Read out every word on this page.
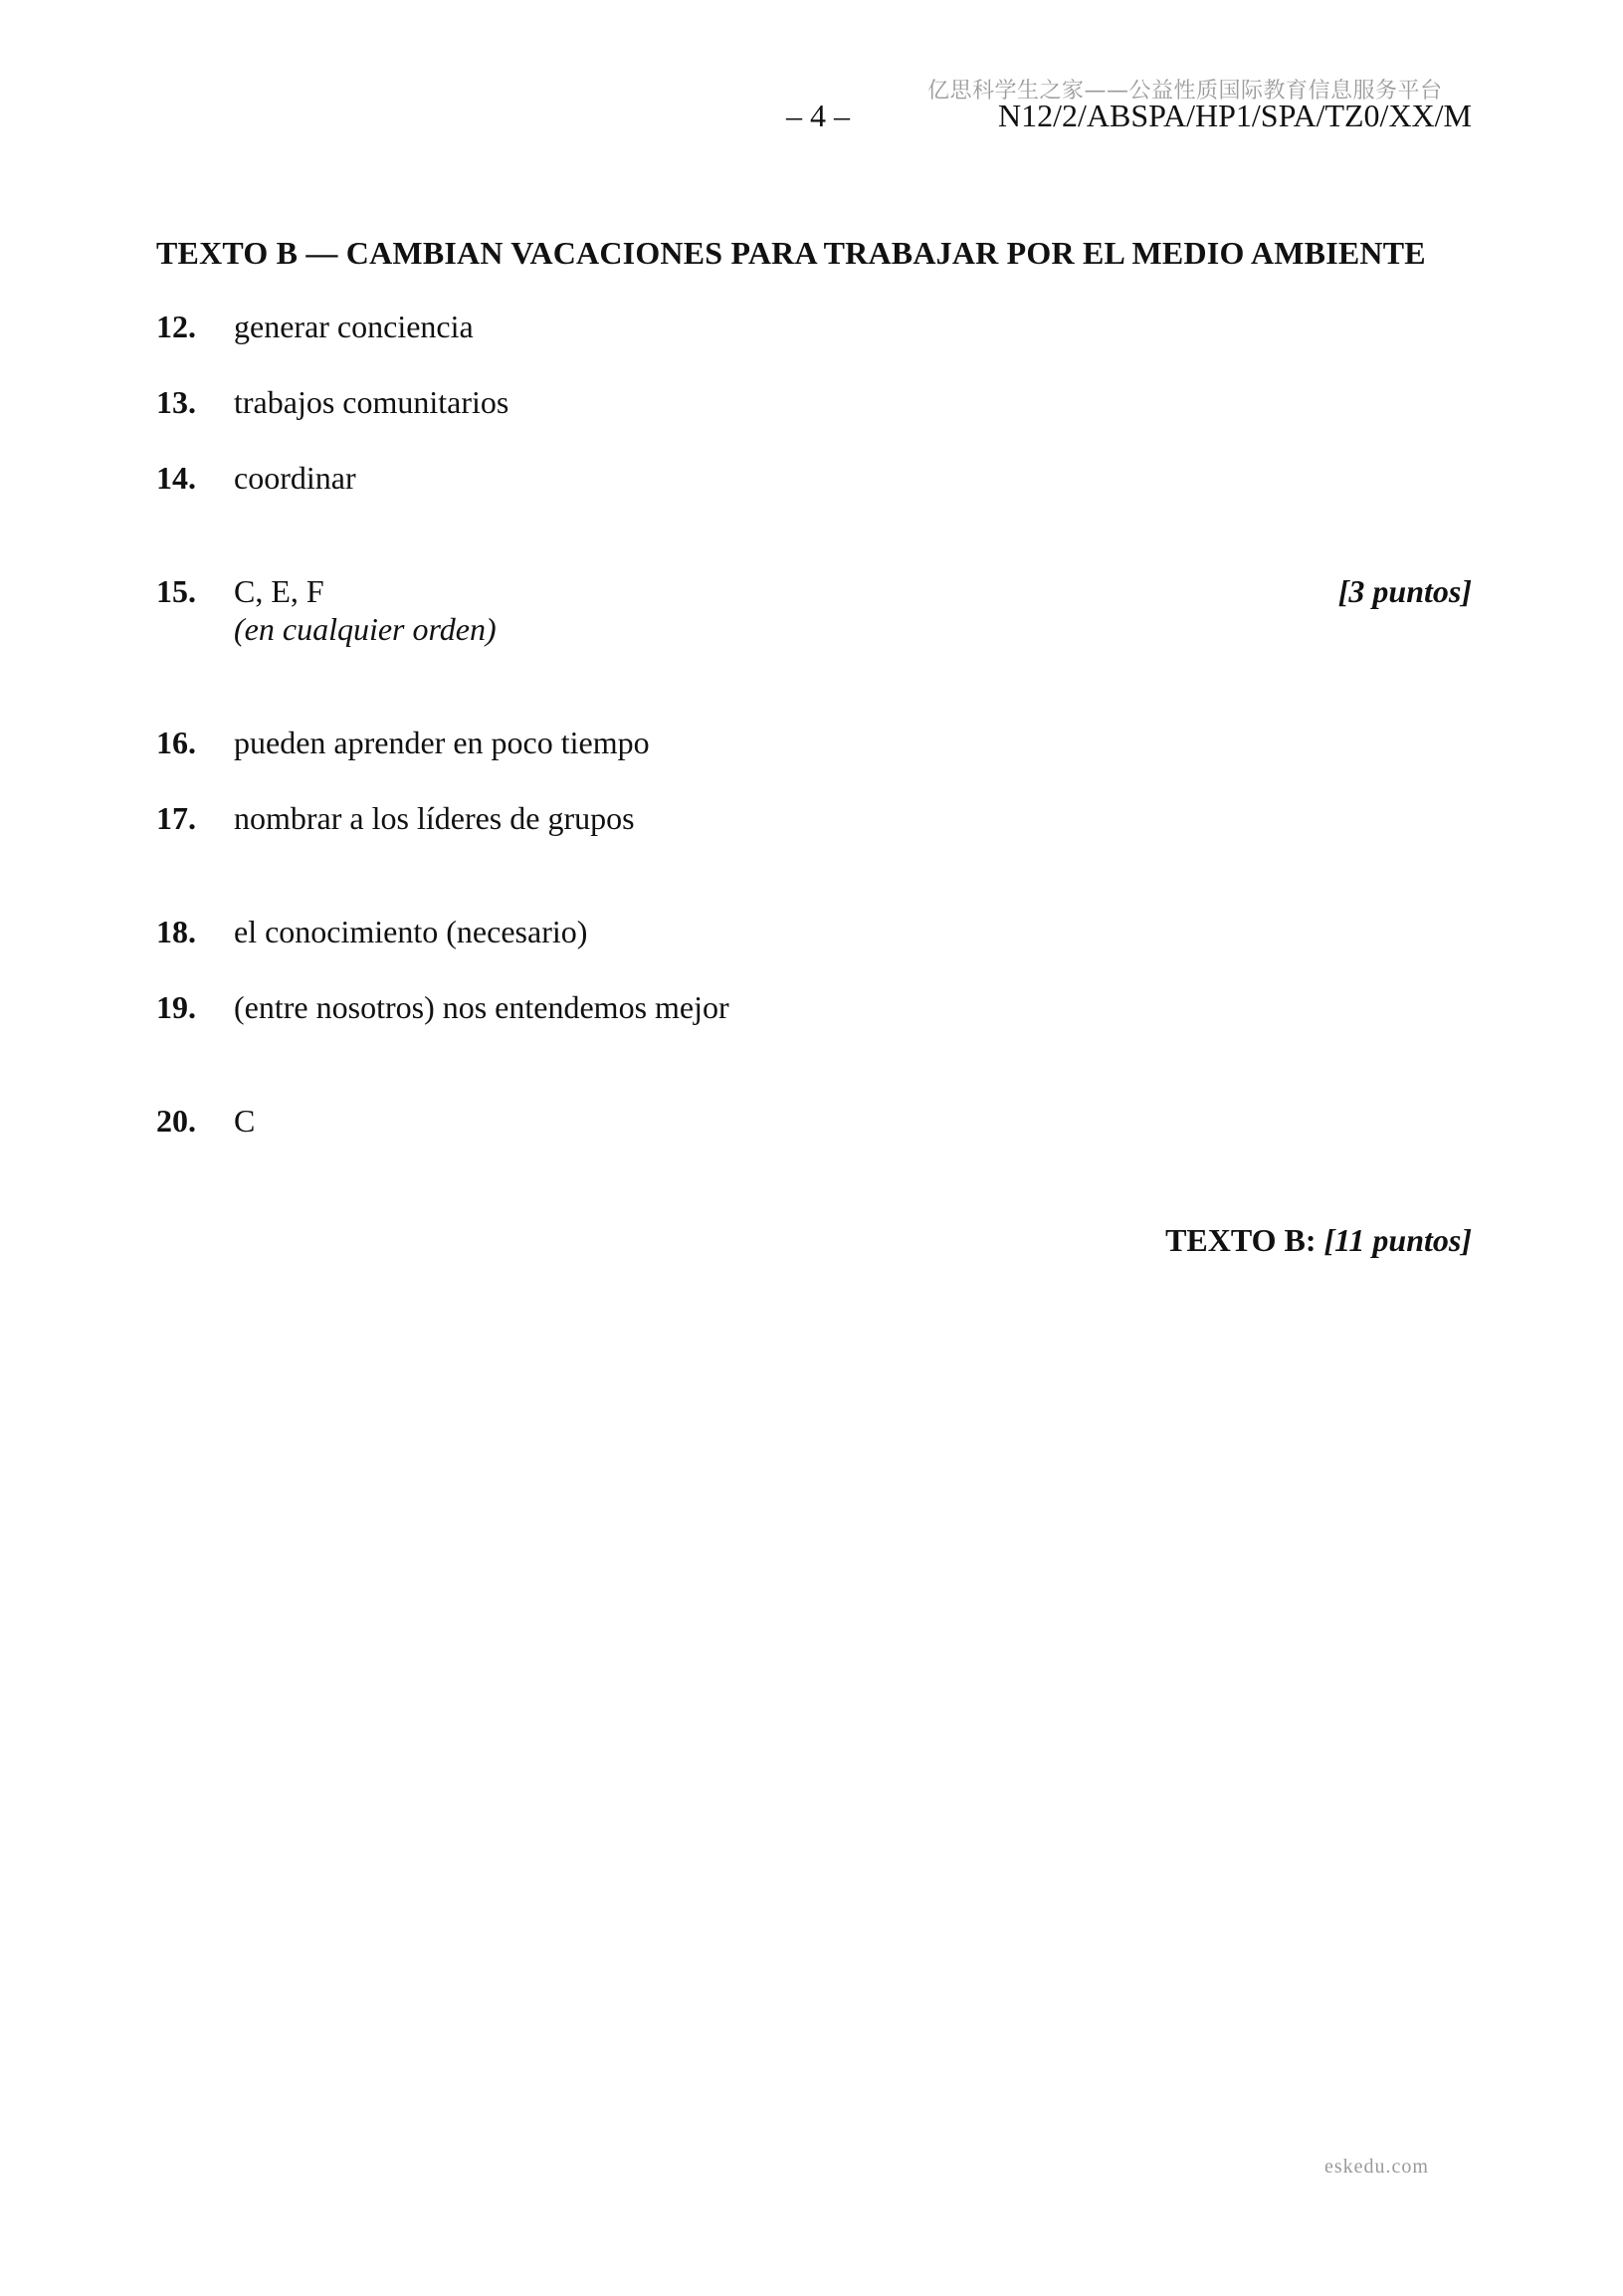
亿思科学生之家——公益性质国际教育信息服务平台
– 4 –	N12/2/ABSPA/HP1/SPA/TZ0/XX/M
TEXTO B — CAMBIAN VACACIONES PARA TRABAJAR POR EL MEDIO AMBIENTE
12. generar conciencia
13. trabajos comunitarios
14. coordinar
15. C, E, F
(en cualquier orden)
[3 puntos]
16. pueden aprender en poco tiempo
17. nombrar a los líderes de grupos
18. el conocimiento (necesario)
19. (entre nosotros) nos entendemos mejor
20. C
TEXTO B: [11 puntos]
eskedu.com
